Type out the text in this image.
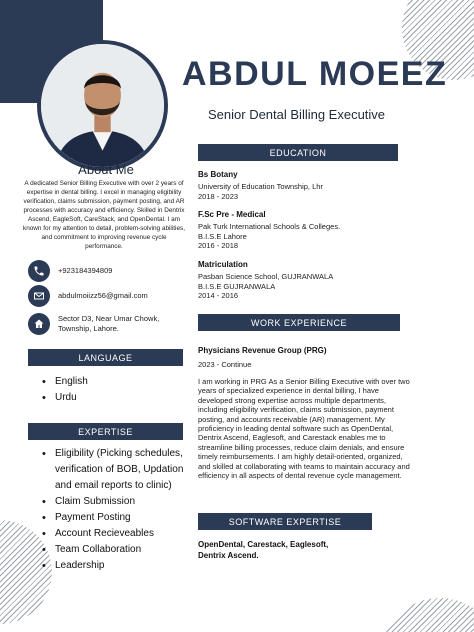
ABDUL MOEEZ
Senior Dental Billing Executive
About Me
A dedicated Senior Billing Executive with over 2 years of expertise in dental billing. I excel in managing eligibility verification, claims submission, payment posting, and AR processes with accuracy and efficiency. Skilled in Dentrix Ascend, EagleSoft, CareStack, and OpenDental. I am known for my attention to detail, problem-solving abilities, and commitment to improving revenue cycle performance.
+923184394809
abdulmoiizz56@gmail.com
Sector D3, Near Umar Chowk, Township, Lahore.
LANGUAGE
• English
• Urdu
EXPERTISE
• Eligibility (Picking schedules, verification of BOB, Updation and email reports to clinic)
• Claim Submission
• Payment Posting
• Account Recieveables
• Team Collaboration
• Leadership
EDUCATION
Bs Botany
University of Education Township, Lhr
2018 - 2023
F.Sc Pre - Medical
Pak Turk International Schools & Colleges.
B.I.S.E Lahore
2016 - 2018
Matriculation
Pasban Science School, GUJRANWALA
B.I.S.E GUJRANWALA
2014 - 2016
WORK EXPERIENCE
Physicians Revenue Group (PRG)
2023 - Continue
I am working in PRG As a Senior Billing Executive with over two years of specialized experience in dental billing, I have developed strong expertise across multiple departments, including eligibility verification, claims submission, payment posting, and accounts receivable (AR) management. My proficiency in leading dental software such as OpenDental, Dentrix Ascend, Eaglesoft, and Carestack enables me to streamline billing processes, reduce claim denials, and ensure timely reimbursements. I am highly detail-oriented, organized, and skilled at collaborating with teams to maintain accuracy and efficiency in all aspects of dental revenue cycle management.
SOFTWARE EXPERTISE
OpenDental, Carestack, Eaglesoft, Dentrix Ascend.
